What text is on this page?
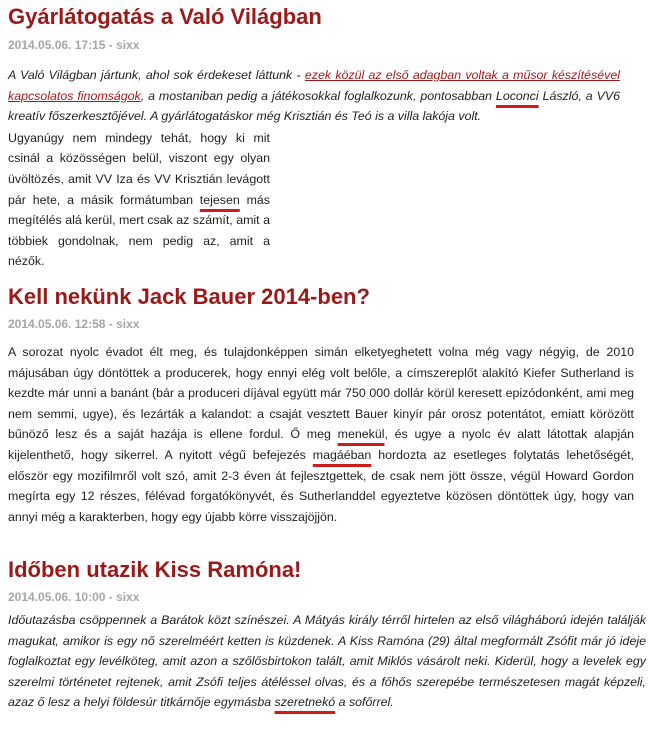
Gyárlátogatás a Való Világban
2014.05.06. 17:15 - sixx

A Való Világban jártunk, ahol sok érdekeset láttunk - ezek közül az első adagban voltak a műsor készítésével kapcsolatos finomságok, a mostaniban pedig a játékosokkal foglalkozunk, pontosabban Loconci László, a VV6 kreatív főszerkesztőjével. A gyárlátogatáskor még Krisztián és Teó is a villa lakója volt.

Ugyanúgy nem mindegy tehát, hogy ki mit csinál a közösségen belül, viszont egy olyan üvöltözés, amit VV Iza és VV Krisztián levágott pár hete, a másik formátumban tejesen más megítélés alá kerül, mert csak az számít, amit a többiek gondolnak, nem pedig az, amit a nézők.

Kell nekünk Jack Bauer 2014-ben?
2014.05.06. 12:58 - sixx

A sorozat nyolc évadot élt meg, és tulajdonképpen simán elketyeghetett volna még vagy négyig, de 2010 májusában úgy döntöttek a producerek, hogy ennyi elég volt belőle, a címszereplőt alakító Kiefer Sutherland is kezdte már unni a banánt (bár a produceri díjával együtt már 750 000 dollár körül keresett epizódonként, ami meg nem semmi, ugye), és lezárták a kalandot: a csaját vesztett Bauer kinyír pár orosz potentátot, emiatt körözött bűnöző lesz és a saját hazája is ellene fordul. Ő meg menekül, és ugye a nyolc év alatt látottak alapján kijelenthető, hogy sikerrel. A nyitott végű befejezés magáéban hordozta az esetleges folytatás lehetőségét, először egy mozifilmről volt szó, amit 2-3 éven át fejlesztgettek, de csak nem jött össze, végül Howard Gordon megírta egy 12 részes, félévad forgatókönyvét, és Sutherlanddel egyeztetve közösen döntöttek úgy, hogy van annyi még a karakterben, hogy egy újabb körre visszajöjjön.

Időben utazik Kiss Ramóna!
2014.05.06. 10:00 - sixx

Időutazásba csöppennek a Barátok közt színészei. A Mátyás király térről hirtelen az első világháború idején találják magukat, amikor is egy nő szerelméért ketten is küzdenek. A Kiss Ramóna (29) által megformált Zsófit már jó ideje foglalkoztat egy levélköteg, amit azon a szőlősbirtokon talált, amit Miklós vásárolt neki. Kiderül, hogy a levelek egy szerelmi történetet rejtenek, amit Zsófi teljes átéléssel olvas, és a főhős szerepébe természetesen magát képzeli, azaz ő lesz a helyi földesúr titkárnője egymásba szeretnekó a sofőrrel.
